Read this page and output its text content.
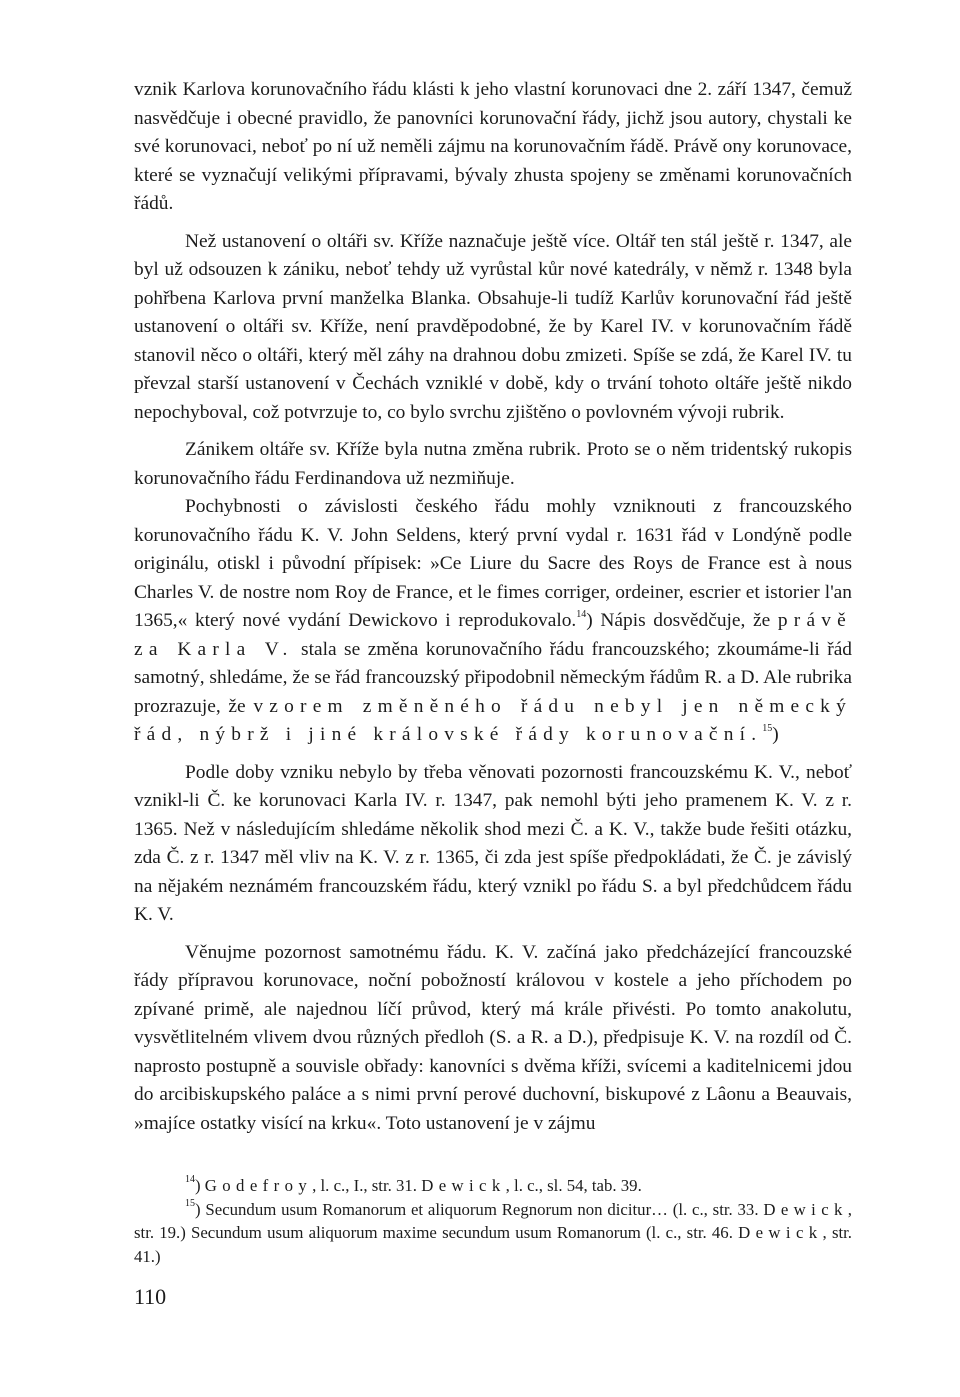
vznik Karlova korunovačního řádu klásti k jeho vlastní korunovaci dne 2. září 1347, čemuž nasvědčuje i obecné pravidlo, že panovníci korunovační řády, jichž jsou autory, chystali ke své korunovaci, neboť po ní už neměli zájmu na korunovačním řádě. Právě ony korunovace, které se vyznačují velikými přípravami, bývaly zhusta spojeny se změnami korunovačních řádů.

Než ustanovení o oltáři sv. Kříže naznačuje ještě více. Oltář ten stál ještě r. 1347, ale byl už odsouzen k zániku, neboť tehdy už vyrůstal kůr nové katedrály, v němž r. 1348 byla pohřbena Karlova první manželka Blanka. Obsahuje-li tudíž Karlův korunovační řád ještě ustanovení o oltáři sv. Kříže, není pravděpodobné, že by Karel IV. v korunovačním řádě stanovil něco o oltáři, který měl záhy na drahnou dobu zmizeti. Spíše se zdá, že Karel IV. tu převzal starší ustanovení v Čechách vzniklé v době, kdy o trvání tohoto oltáře ještě nikdo nepochyboval, což potvrzuje to, co bylo svrchu zjištěno o povlovném vývoji rubrik.

Zánikem oltáře sv. Kříže byla nutna změna rubrik. Proto se o něm tridentský rukopis korunovačního řádu Ferdinandova už nezmiňuje.

Pochybnosti o závislosti českého řádu mohly vzniknouti z francouzského korunovačního řádu K. V. John Seldens, který první vydal r. 1631 řád v Londýně podle originálu, otiskl i původní přípisek: »Ce Liure du Sacre des Roys de France est à nous Charles V. de nostre nom Roy de France, et le fimes corriger, ordeiner, escrier et istorier l'an 1365,« který nové vydání Dewickovo i reprodukovalo.$^{14}$) Nápis dosvědčuje, že právě za Karla V. stala se změna korunovačního řádu francouzského; zkoumáme-li řád samotný, shledáme, že se řád francouzský připodobnil německým řádům R. a D. Ale rubrika prozrazuje, že vzorem změněného řádu nebyl jen německý řád, nýbrž i jiné královské řády korunovační.$^{15}$)

Podle doby vzniku nebylo by třeba věnovati pozornosti francouzskému K. V., neboť vznikl-li Č. ke korunovaci Karla IV. r. 1347, pak nemohl býti jeho pramenem K. V. z r. 1365. Než v následujícím shledáme několik shod mezi Č. a K. V., takže bude řešiti otázku, zda Č. z r. 1347 měl vliv na K. V. z r. 1365, či zda jest spíše předpokládati, že Č. je závislý na nějakém neznámém francouzském řádu, který vznikl po řádu S. a byl předchůdcem řádu K. V.

Věnujme pozornost samotnému řádu. K. V. začíná jako předcházející francouzské řády přípravou korunovace, noční pobožností královou v kostele a jeho příchodem po zpívané primě, ale najednou líčí průvod, který má krále přivésti. Po tomto anakolutu, vysvětlitelném vlivem dvou různých předloh (S. a R. a D.), předpisuje K. V. na rozdíl od Č. naprosto postupně a souvisle obřady: kanovníci s dvěma kříži, svícemi a kaditelnicemi jdou do arcibiskupského paláce a s nimi první perové duchovní, biskupové z Lâonu a Beauvais, »majíce ostatky visící na krku«. Toto ustanovení je v zájmu

$^{14}$) Godefroy, l. c., I., str. 31. Dewick, l. c., sl. 54, tab. 39.

$^{15}$) Secundum usum Romanorum et aliquorum Regnorum non dicitur… (l. c., str. 33. Dewick, str. 19.) Secundum usum aliquorum maxime secundum usum Romanorum (l. c., str. 46. Dewick, str. 41.)

110
